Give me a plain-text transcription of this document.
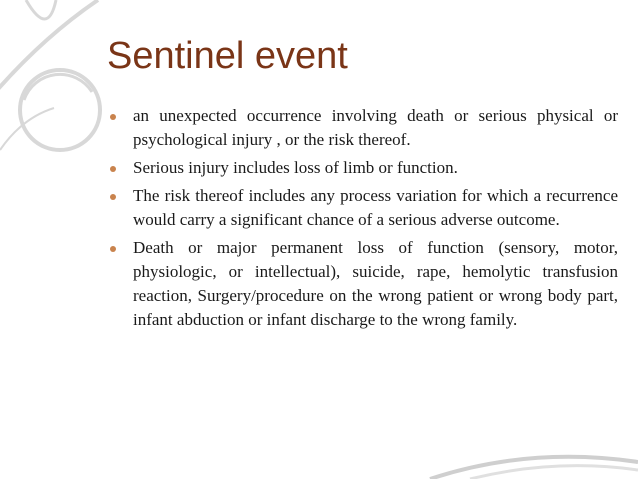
Sentinel event
an unexpected occurrence involving death or serious physical or psychological injury , or the risk thereof.
Serious injury includes loss of limb or function.
The risk thereof includes any process variation for which a recurrence would carry a significant chance of a serious adverse outcome.
Death or major permanent loss of function (sensory, motor, physiologic, or intellectual), suicide, rape, hemolytic transfusion reaction, Surgery/procedure on the wrong patient or wrong body part, infant abduction or infant discharge to the wrong family.
